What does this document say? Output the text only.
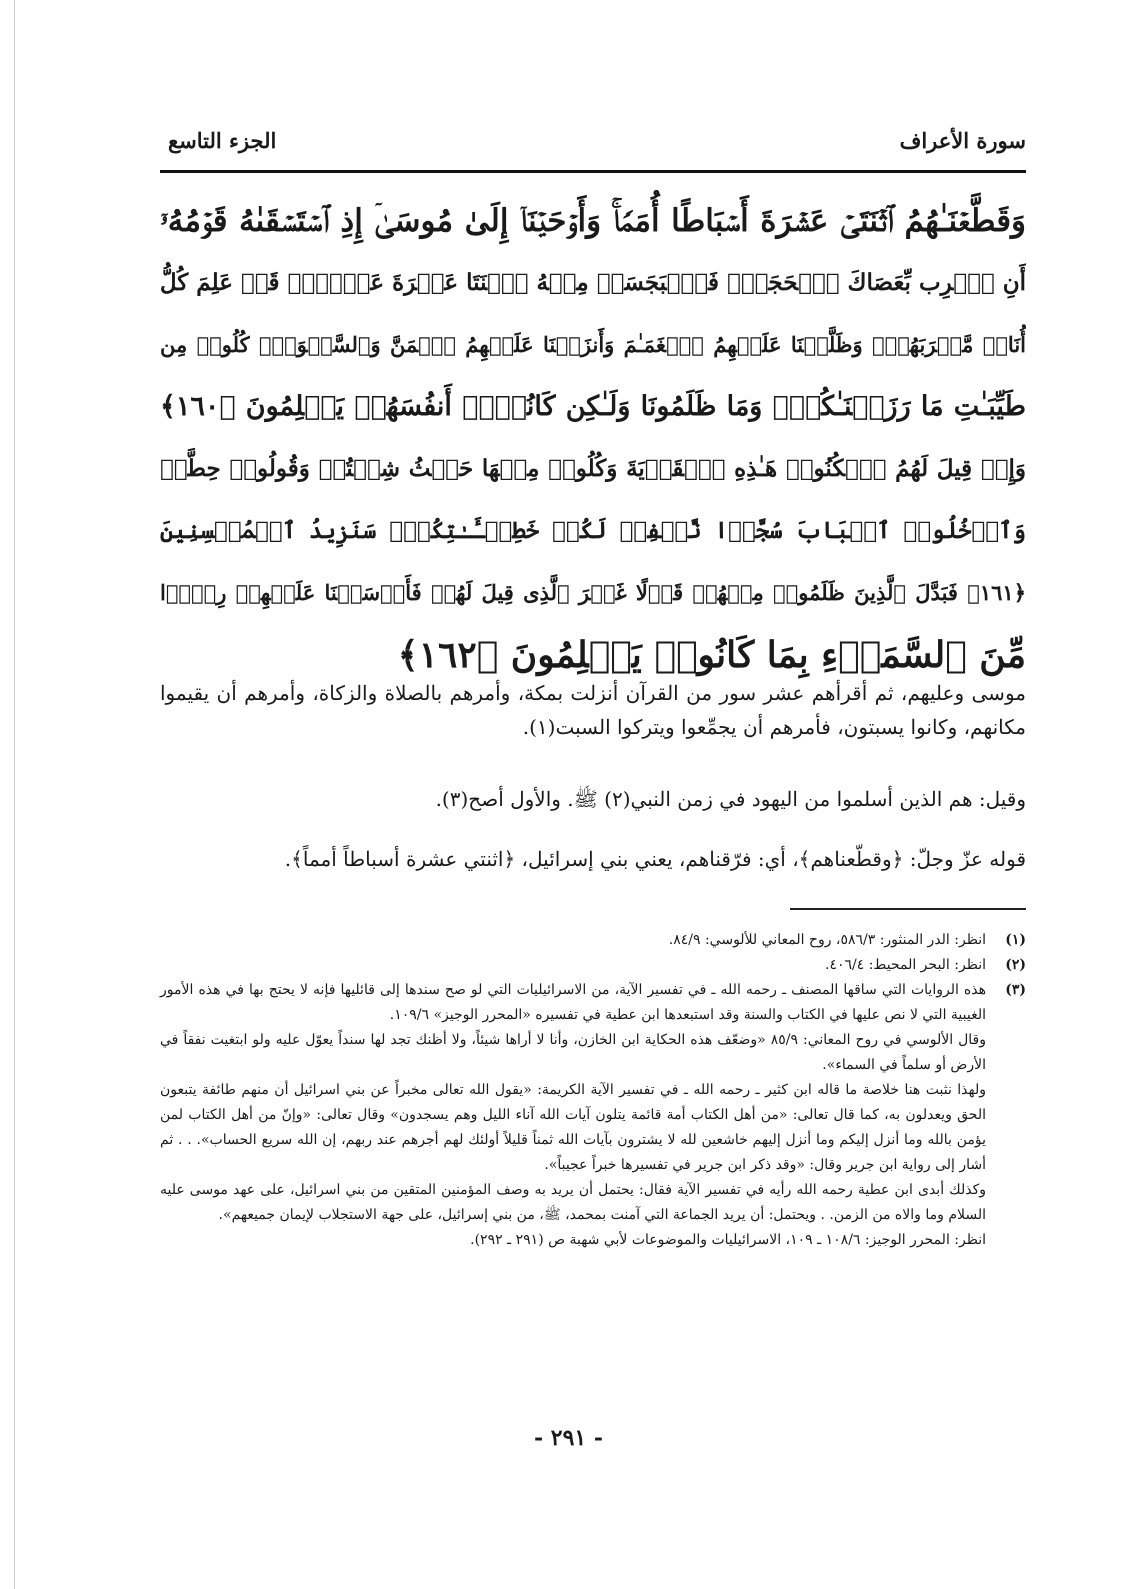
سورة الأعراف
الجزء التاسع
وَقَطَّعۡنَـٰهُمُ ٱثۡنَتَیۡ عَشۡرَةَ أَسۡبَاطًا أُمَمࣰاۚ وَأَوۡحَیۡنَاۤ إِلَىٰ مُوسَىٰۤ إِذِ ٱسۡتَسۡقَىٰهُ قَوۡمُهُۥۤ
أَنِ ٱضۡرِب بِّعَصَاكَ ٱلۡحَجَرَۖ فَٱنۢبَجَسَتۡ مِنۡهُ ٱثۡنَتَا عَشۡرَةَ عَیۡنࣰاۖ قَدۡ عَلِمَ كُلُّ
أُنَاسࣲ مَّشۡرَبَهُمۡۚ وَظَلَّلۡنَا عَلَیۡهِمُ ٱلۡغَمَـٰمَ وَأَنزَلۡنَا عَلَیۡهِمُ ٱلۡمَنَّ وَٱلسَّلۡوَىٰۖ كُلُوا۟ مِن
طَیِّبَـٰتِ مَا رَزَقۡنَـٰكُمۡۚ وَمَا ظَلَمُونَا وَلَـٰكِن كَانُوۤا۟ أَنفُسَهُمۡ یَظۡلِمُونَ ﴿١٦٠﴾
وَإِذۡ قِیلَ لَهُمُ ٱسۡكُنُوا۟ هَـٰذِهِ ٱلۡقَرۡیَةَ وَكُلُوا۟ مِنۡهَا حَیۡثُ شِئۡتُمۡ وَقُولُوا۟ حِطَّةࣱ
وَٱدۡخُلُوا۟ ٱلۡبَابَ سُجَّدࣰا نَّغۡفِرۡ لَكُمۡ خَطِیۤـَٔـٰتِكُمۡۚ سَنَزِیدُ ٱلۡمُحۡسِنِینَ
﴿١٦١﴾ فَبَدَّلَ ٱلَّذِینَ ظَلَمُوا۟ مِنۡهُمۡ قَوۡلًا غَیۡرَ ٱلَّذِی قِیلَ لَهُمۡ فَأَرۡسَلۡنَا عَلَیۡهِمۡ رِجۡزࣰا
مِّنَ ٱلسَّمَاۤءِ بِمَا كَانُوا۟ یَظۡلِمُونَ ﴿١٦٢﴾

موسى وعليهم، ثم أقرأهم عشر سور من القرآن أنزلت بمكة، وأمرهم بالصلاة والزكاة، وأمرهم أن يقيموا مكانهم، وكانوا يسبتون، فأمرهم أن يجمِّعوا ويتركوا السبت(١).

وقيل: هم الذين أسلموا من اليهود في زمن النبي(٢) ﷺ. والأول أصح(٣).

قوله عزّ وجلّ: ﴿وقطّعناهم﴾، أي: فرّقناهم، يعني بني إسرائيل، ﴿اثنتي عشرة أسباطاً أمماً﴾.

(١)
انظر: الدر المنثور: ٥٨٦/٣، روح المعاني للألوسي: ٨٤/٩.
(٢)
انظر: البحر المحيط: ٤٠٦/٤.
(٣)
هذه الروايات التي ساقها المصنف ـ رحمه الله ـ في تفسير الآية، من الاسرائيليات التي لو صح سندها إلى قائليها فإنه لا يحتج بها في هذه الأمور الغيبية التي لا نص عليها في الكتاب والسنة وقد استبعدها ابن عطية في تفسيره «المحرر الوجيز» ١٠٩/٦.
وقال الألوسي في روح المعاني: ٨٥/٩ «وضعّف هذه الحكاية ابن الخازن، وأنا لا أراها شيئاً، ولا أظنك تجد لها سنداً يعوّل عليه ولو ابتغيت نفقاً في الأرض أو سلماً في السماء».
ولهذا نثبت هنا خلاصة ما قاله ابن كثير ـ رحمه الله ـ في تفسير الآية الكريمة: «يقول الله تعالى مخبراً عن بني اسرائيل أن منهم طائفة يتبعون الحق ويعدلون به، كما قال تعالى: «من أهل الكتاب أمة قائمة يتلون آيات الله آناء الليل وهم يسجدون» وقال تعالى: «وإنّ من أهل الكتاب لمن يؤمن بالله وما أنزل إليكم وما أنزل إليهم خاشعين لله لا يشترون بآيات الله ثمناً قليلاً أولئك لهم أجرهم عند ربهم، إن الله سريع الحساب». . . ثم أشار إلى رواية ابن جرير وقال: «وقد ذكر ابن جرير في تفسيرها خبراً عجيباً».
وكذلك أبدى ابن عطية رحمه الله رأيه في تفسير الآية فقال: يحتمل أن يريد به وصف المؤمنين المتقين من بني اسرائيل، على عهد موسى عليه السلام وما والاه من الزمن. . ويحتمل: أن يريد الجماعة التي آمنت بمحمد، ﷺ، من بني إسرائيل، على جهة الاستجلاب لإيمان جميعهم».
انظر: المحرر الوجيز: ١٠٨/٦ ـ ١٠٩، الاسرائيليات والموضوعات لأبي شهبة ص (٢٩١ ـ ٢٩٢).
- ٢٩١ -
